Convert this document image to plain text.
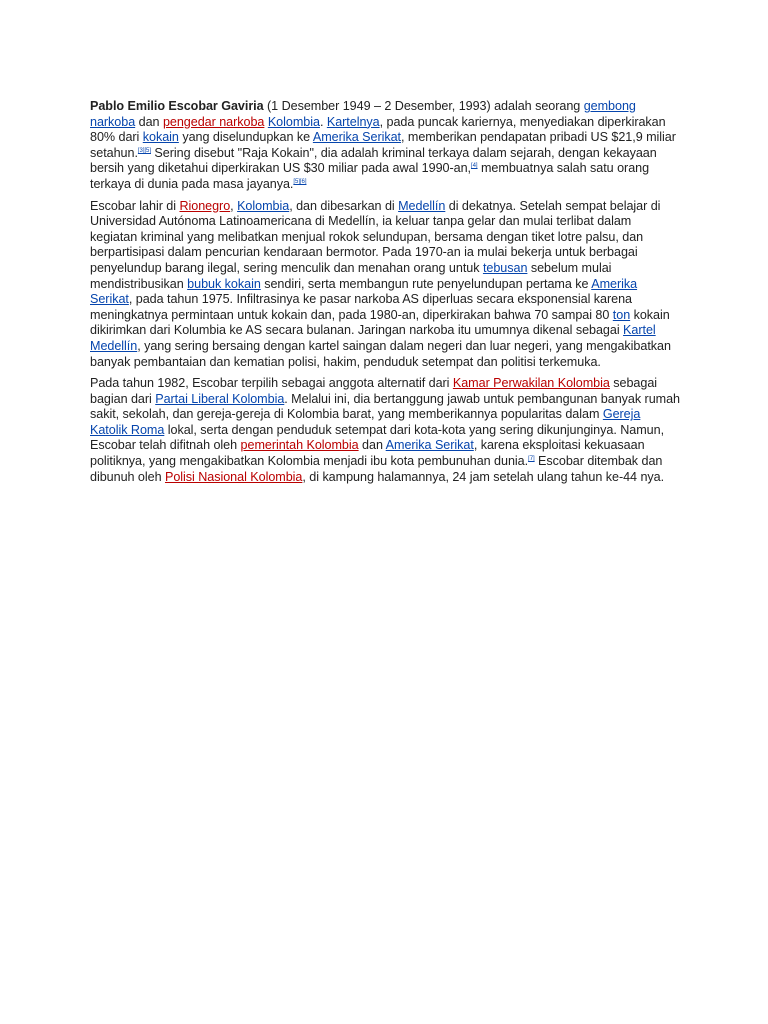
Pablo Emilio Escobar Gaviria (1 Desember 1949 – 2 Desember, 1993) adalah seorang gembong narkoba dan pengedar narkoba Kolombia. Kartelnya, pada puncak kariernya, menyediakan diperkirakan 80% dari kokain yang diselundupkan ke Amerika Serikat, memberikan pendapatan pribadi US $21,9 miliar setahun.[3][5] Sering disebut "Raja Kokain", dia adalah kriminal terkaya dalam sejarah, dengan kekayaan bersih yang diketahui diperkirakan US $30 miliar pada awal 1990-an,[4] membuatnya salah satu orang terkaya di dunia pada masa jayanya.[5][6]

Escobar lahir di Rionegro, Kolombia, dan dibesarkan di Medellín di dekatnya. Setelah sempat belajar di Universidad Autónoma Latinoamericana di Medellín, ia keluar tanpa gelar dan mulai terlibat dalam kegiatan kriminal yang melibatkan menjual rokok selundupan, bersama dengan tiket lotre palsu, dan berpartisipasi dalam pencurian kendaraan bermotor. Pada 1970-an ia mulai bekerja untuk berbagai penyelundup barang ilegal, sering menculik dan menahan orang untuk tebusan sebelum mulai mendistribusikan bubuk kokain sendiri, serta membangun rute penyelundupan pertama ke Amerika Serikat, pada tahun 1975. Infiltrasinya ke pasar narkoba AS diperluas secara eksponensial karena meningkatnya permintaan untuk kokain dan, pada 1980-an, diperkirakan bahwa 70 sampai 80 ton kokain dikirimkan dari Kolumbia ke AS secara bulanan. Jaringan narkoba itu umumnya dikenal sebagai Kartel Medellín, yang sering bersaing dengan kartel saingan dalam negeri dan luar negeri, yang mengakibatkan banyak pembantaian dan kematian polisi, hakim, penduduk setempat dan politisi terkemuka.

Pada tahun 1982, Escobar terpilih sebagai anggota alternatif dari Kamar Perwakilan Kolombia sebagai bagian dari Partai Liberal Kolombia. Melalui ini, dia bertanggung jawab untuk pembangunan banyak rumah sakit, sekolah, dan gereja-gereja di Kolombia barat, yang memberikannya popularitas dalam Gereja Katolik Roma lokal, serta dengan penduduk setempat dari kota-kota yang sering dikunjunginya. Namun, Escobar telah difitnah oleh pemerintah Kolombia dan Amerika Serikat, karena eksploitasi kekuasaan politiknya, yang mengakibatkan Kolombia menjadi ibu kota pembunuhan dunia.[7] Escobar ditembak dan dibunuh oleh Polisi Nasional Kolombia, di kampung halamannya, 24 jam setelah ulang tahun ke-44 nya.
